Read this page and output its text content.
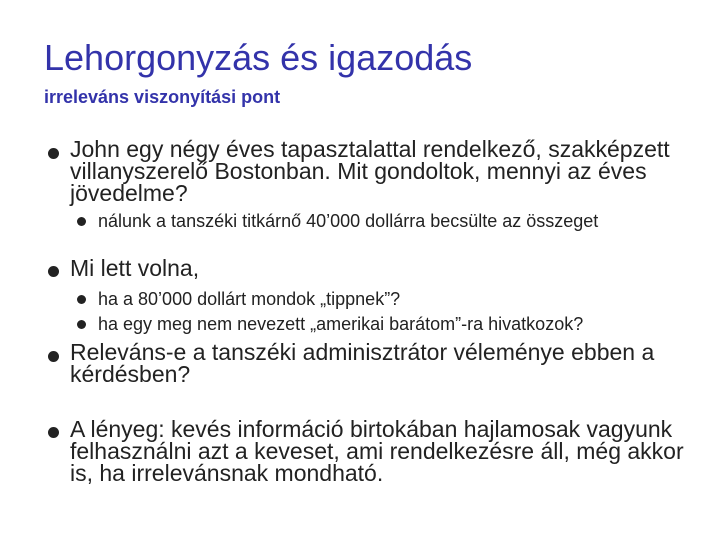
Lehorgonyzás és igazodás
irreleváns viszonyítási pont
John egy négy éves tapasztalattal rendelkező, szakképzett villanyszerelő Bostonban. Mit gondoltok, mennyi az éves jövedelme?
nálunk a tanszéki titkárnő 40’000 dollárra becsülte az összeget
Mi lett volna,
ha a 80’000 dollárt mondok „tippnek”?
ha egy meg nem nevezett „amerikai barátom”-ra hivatkozok?
Releváns-e a tanszéki adminisztrátor véleménye ebben a kérdésben?
A lényeg: kevés információ birtokában hajlamosak vagyunk felhasználni azt a keveset, ami rendelkezésre áll, még akkor is, ha irrelevánsnak mondható.
